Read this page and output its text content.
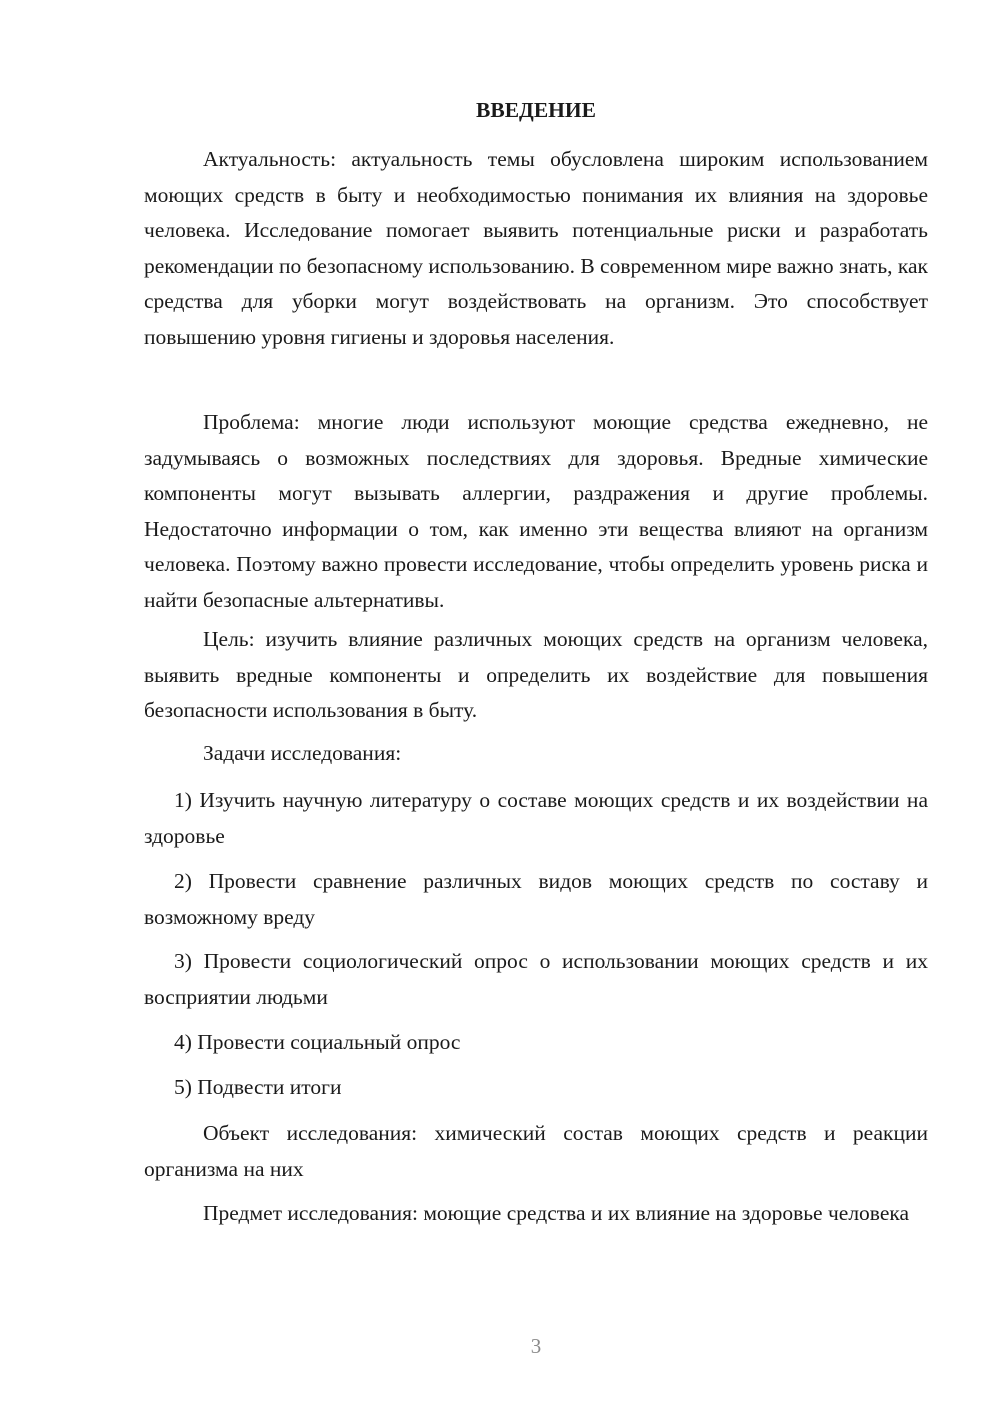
ВВЕДЕНИЕ

Актуальность: актуальность темы обусловлена широким использованием моющих средств в быту и необходимостью понимания их влияния на здоровье человека. Исследование помогает выявить потенциальные риски и разработать рекомендации по безопасному использованию. В современном мире важно знать, как средства для уборки могут воздействовать на организм. Это способствует повышению уровня гигиены и здоровья населения.

Проблема: многие люди используют моющие средства ежедневно, не задумываясь о возможных последствиях для здоровья. Вредные химические компоненты могут вызывать аллергии, раздражения и другие проблемы. Недостаточно информации о том, как именно эти вещества влияют на организм человека. Поэтому важно провести исследование, чтобы определить уровень риска и найти безопасные альтернативы.

Цель: изучить влияние различных моющих средств на организм человека, выявить вредные компоненты и определить их воздействие для повышения безопасности использования в быту.

Задачи исследования:

1) Изучить научную литературу о составе моющих средств и их воздействии на здоровье

2) Провести сравнение различных видов моющих средств по составу и возможному вреду

3) Провести социологический опрос о использовании моющих средств и их восприятии людьми

4) Провести социальный опрос

5) Подвести итоги

Объект исследования: химический состав моющих средств и реакции организма на них

Предмет исследования: моющие средства и их влияние на здоровье человека

3
